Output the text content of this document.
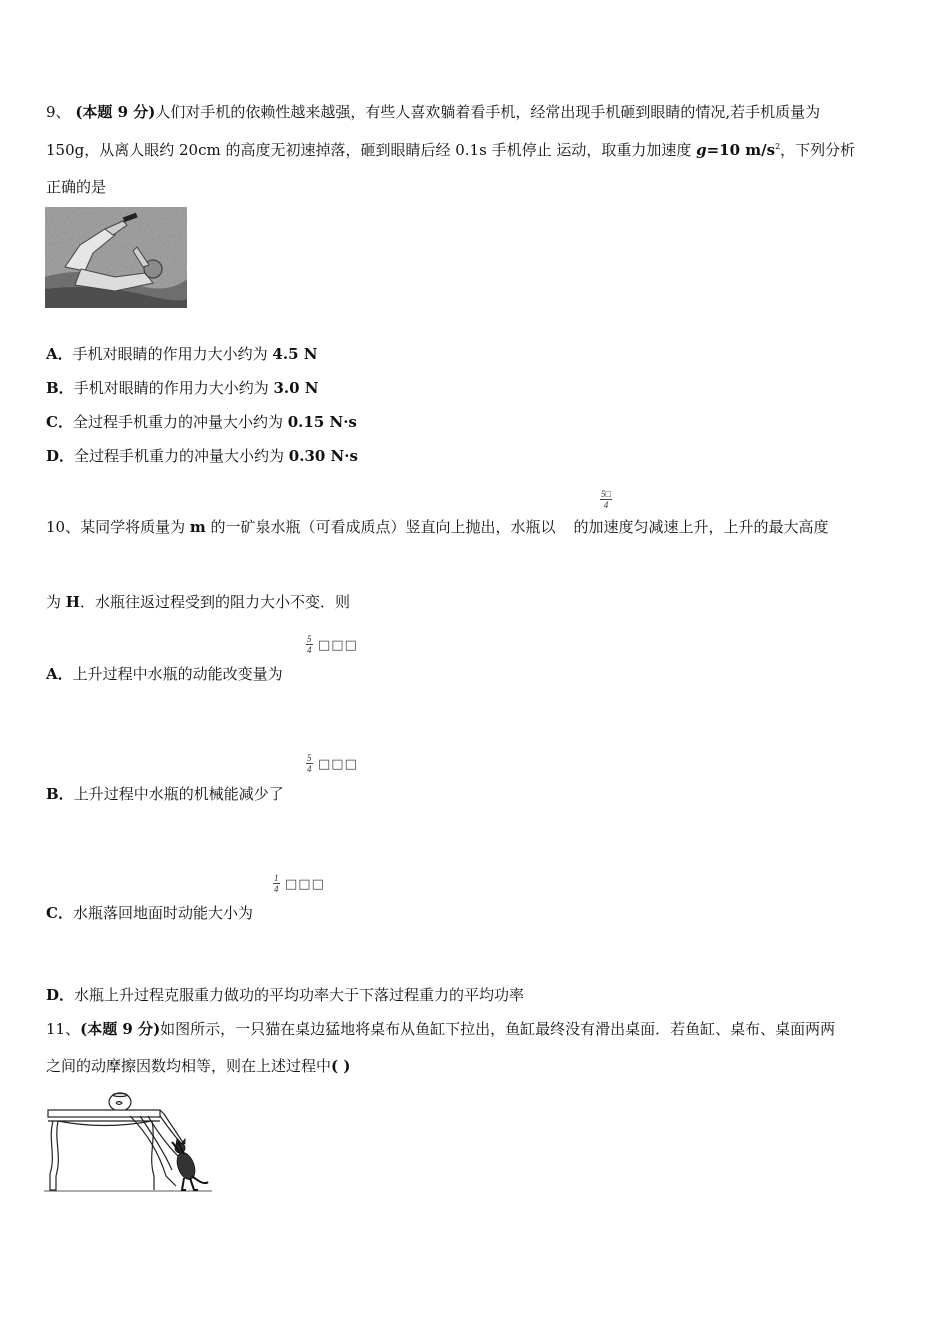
9、 (本题 9 分)人们对手机的依赖性越来越强，有些人喜欢躺着看手机，经常出现手机砸到眼睛的情况,若手机质量为
150g，从离人眼约 20cm 的高度无初速掉落，砸到眼睛后经 0.1s 手机停止 运动，取重力加速度 g=10 $m/s^2$，下列分析
正确的是
A．手机对眼睛的作用力大小约为 4.5 N
B．手机对眼睛的作用力大小约为 3.0 N
C．全过程手机重力的冲量大小约为 0.15 N·s
D．全过程手机重力的冲量大小约为 0.30 N·s
$\frac{5□}{4}$
10、某同学将质量为 m 的一矿泉水瓶（可看成质点）竖直向上抛出，水瓶以 的加速度匀减速上升，上升的最大高度
为 H．水瓶往返过程受到的阻力大小不变．则
$\frac{5}{4}$ □□□
A．上升过程中水瓶的动能改变量为
$\frac{5}{4}$ □□□
B．上升过程中水瓶的机械能减少了
$\frac{1}{4}$ □□□
C．水瓶落回地面时动能大小为
D．水瓶上升过程克服重力做功的平均功率大于下落过程重力的平均功率
11、(本题 9 分)如图所示，一只猫在桌边猛地将桌布从鱼缸下拉出，鱼缸最终没有滑出桌面．若鱼缸、桌布、桌面两两
之间的动摩擦因数均相等，则在上述过程中( )
